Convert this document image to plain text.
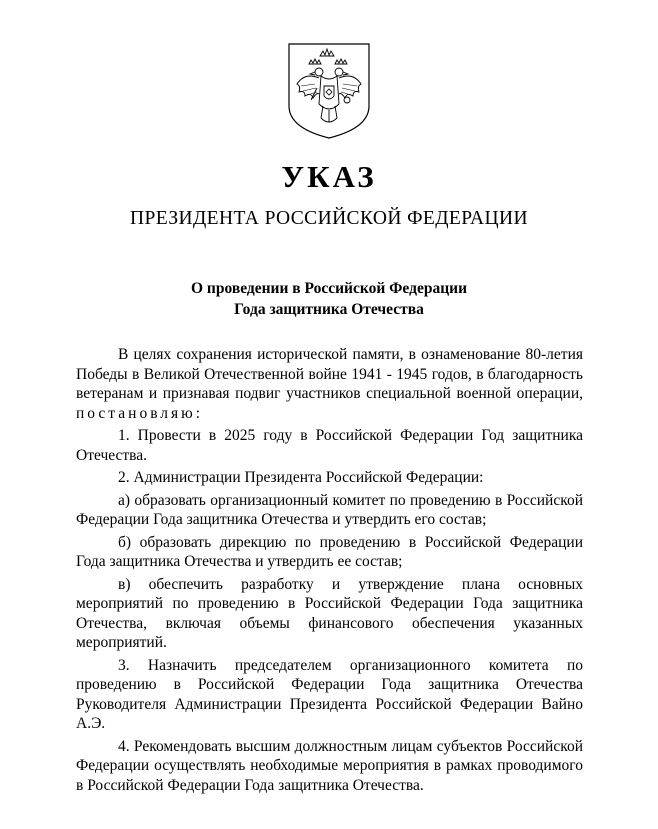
УКАЗ
ПРЕЗИДЕНТА РОССИЙСКОЙ ФЕДЕРАЦИИ
О проведении в Российской Федерации
Года защитника Отечества

В целях сохранения исторической памяти, в ознаменование 80-летия Победы в Великой Отечественной войне 1941 - 1945 годов, в благодарность ветеранам и признавая подвиг участников специальной военной операции, постановляю:

1. Провести в 2025 году в Российской Федерации Год защитника Отечества.

2. Администрации Президента Российской Федерации:

а) образовать организационный комитет по проведению в Российской Федерации Года защитника Отечества и утвердить его состав;

б) образовать дирекцию по проведению в Российской Федерации Года защитника Отечества и утвердить ее состав;

в) обеспечить разработку и утверждение плана основных мероприятий по проведению в Российской Федерации Года защитника Отечества, включая объемы финансового обеспечения указанных мероприятий.

3. Назначить председателем организационного комитета по проведению в Российской Федерации Года защитника Отечества Руководителя Администрации Президента Российской Федерации Вайно А.Э.

4. Рекомендовать высшим должностным лицам субъектов Российской Федерации осуществлять необходимые мероприятия в рамках проводимого в Российской Федерации Года защитника Отечества.
